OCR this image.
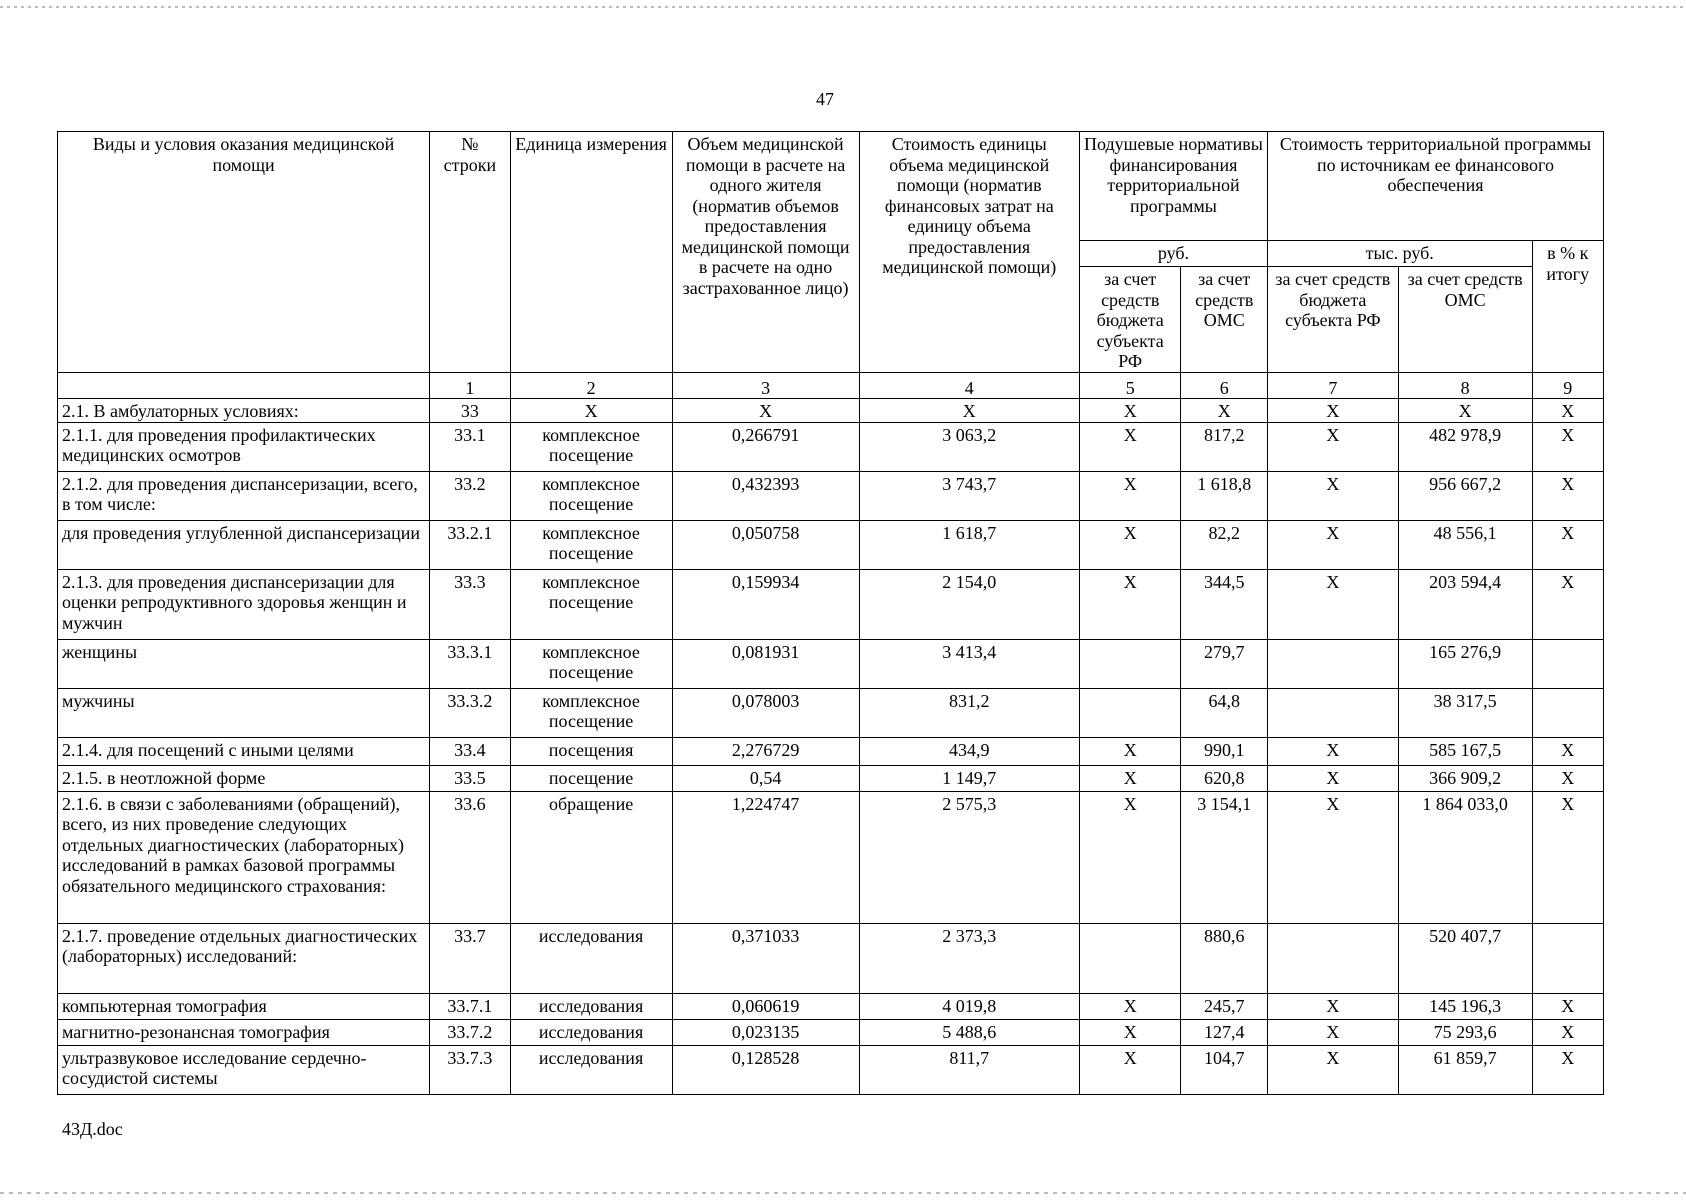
47
Виды и условия оказания медицинской помощи	№ строки	Единица измерения	Объем медицинской помощи в расчете на одного жителя (норматив объемов предоставления медицинской помощи в расчете на одно застрахованное лицо)	Стоимость единицы объема медицинской помощи (норматив финансовых затрат на единицу объема предоставления медицинской помощи)	Подушевые нормативы финансирования территориальной программы		Стоимость территориальной программы по источникам ее финансового обеспечения		
					руб.		тыс. руб.		в % к итогу
					за счет средств бюджета субъекта РФ	за счет средств ОМС	за счет средств бюджета субъекта РФ	за счет средств ОМС	
	1	2	3	4	5	6	7	8	9
2.1. В амбулаторных условиях:	33	X	X	X	X	X	X	X	X
2.1.1. для проведения профилактических медицинских осмотров	33.1	комплексное посещение	0,266791	3 063,2	X	817,2	X	482 978,9	X
2.1.2. для проведения диспансеризации, всего, в том числе:	33.2	комплексное посещение	0,432393	3 743,7	X	1 618,8	X	956 667,2	X
для проведения углубленной диспансеризации	33.2.1	комплексное посещение	0,050758	1 618,7	X	82,2	X	48 556,1	X
2.1.3. для проведения диспансеризации для оценки репродуктивного здоровья женщин и мужчин	33.3	комплексное посещение	0,159934	2 154,0	X	344,5	X	203 594,4	X
женщины	33.3.1	комплексное посещение	0,081931	3 413,4		279,7		165 276,9	
мужчины	33.3.2	комплексное посещение	0,078003	831,2		64,8		38 317,5	
2.1.4. для посещений с иными целями	33.4	посещения	2,276729	434,9	X	990,1	X	585 167,5	X
2.1.5. в неотложной форме	33.5	посещение	0,54	1 149,7	X	620,8	X	366 909,2	X
2.1.6. в связи с заболеваниями (обращений), всего, из них проведение следующих отдельных диагностических (лабораторных) исследований в рамках базовой программы обязательного медицинского страхования:	33.6	обращение	1,224747	2 575,3	X	3 154,1	X	1 864 033,0	X
2.1.7. проведение отдельных диагностических (лабораторных) исследований:	33.7	исследования	0,371033	2 373,3		880,6		520 407,7	
компьютерная томография	33.7.1	исследования	0,060619	4 019,8	X	245,7	X	145 196,3	X
магнитно-резонансная томография	33.7.2	исследования	0,023135	5 488,6	X	127,4	X	75 293,6	X
ультразвуковое исследование сердечно-сосудистой системы	33.7.3	исследования	0,128528	811,7	X	104,7	X	61 859,7	X
43Д.doc
